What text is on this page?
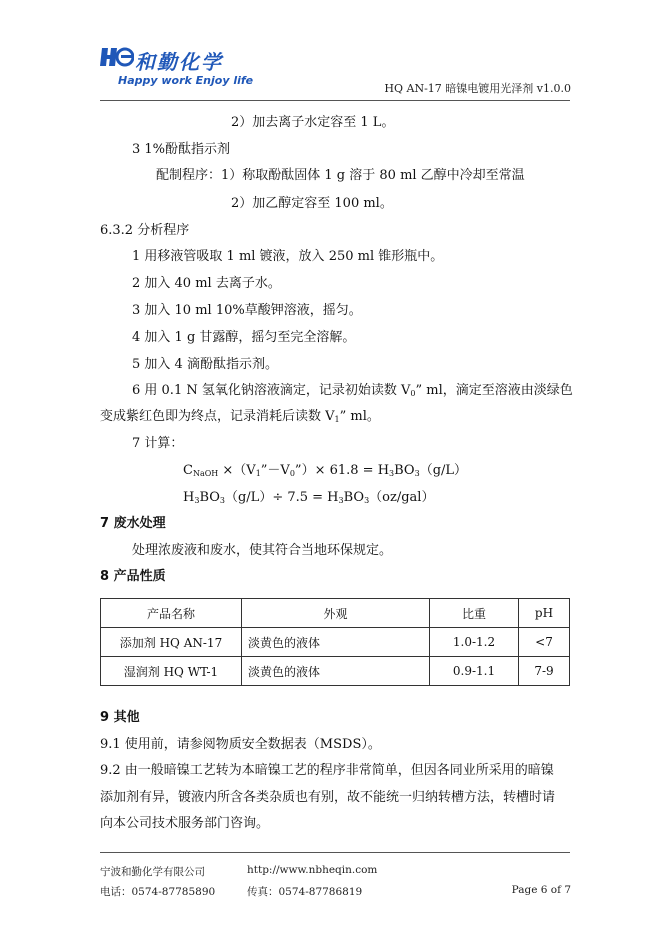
和勤化学
Happy work Enjoy life
HQ AN-17 暗镍电镀用光泽剂 v1.0.0
2）加去离子水定容至 1 L。
3 1%酚酞指示剂
配制程序：1）称取酚酞固体 1 g 溶于 80 ml 乙醇中冷却至常温
2）加乙醇定容至 100 ml。
6.3.2 分析程序
1 用移液管吸取 1 ml 镀液，放入 250 ml 锥形瓶中。
2 加入 40 ml 去离子水。
3 加入 10 ml 10%草酸钾溶液，摇匀。
4 加入 1 g 甘露醇，摇匀至完全溶解。
5 加入 4 滴酚酞指示剂。
6 用 0.1 N 氢氧化钠溶液滴定，记录初始读数 $V_0$” ml，滴定至溶液由淡绿色
变成紫红色即为终点，记录消耗后读数 $V_1$” ml。
7 计算：
$C_{NaOH}$ $\times(V_1”-V_0”)\times 61.8 = H_3BO_3(g/L)$
$H_3BO_3(g/L)\div 7.5 = H_3BO_3(oz/gal)$
7 废水处理
处理浓废液和废水，使其符合当地环保规定。
8 产品性质
产品名称	外观	比重	pH
添加剂 HQ AN-17	淡黄色的液体	1.0-1.2	<7
湿润剂 HQ WT-1	淡黄色的液体	0.9-1.1	7-9
9 其他
9.1 使用前，请参阅物质安全数据表（MSDS）。
9.2 由一般暗镍工艺转为本暗镍工艺的程序非常简单，但因各同业所采用的暗镍
添加剂有异，镀液内所含各类杂质也有别，故不能统一归纳转槽方法，转槽时请
向本公司技术服务部门咨询。
宁波和勤化学有限公司	http://www.nbheqin.com
电话：0574-87785890	传真：0574-87786819	Page 6 of 7
